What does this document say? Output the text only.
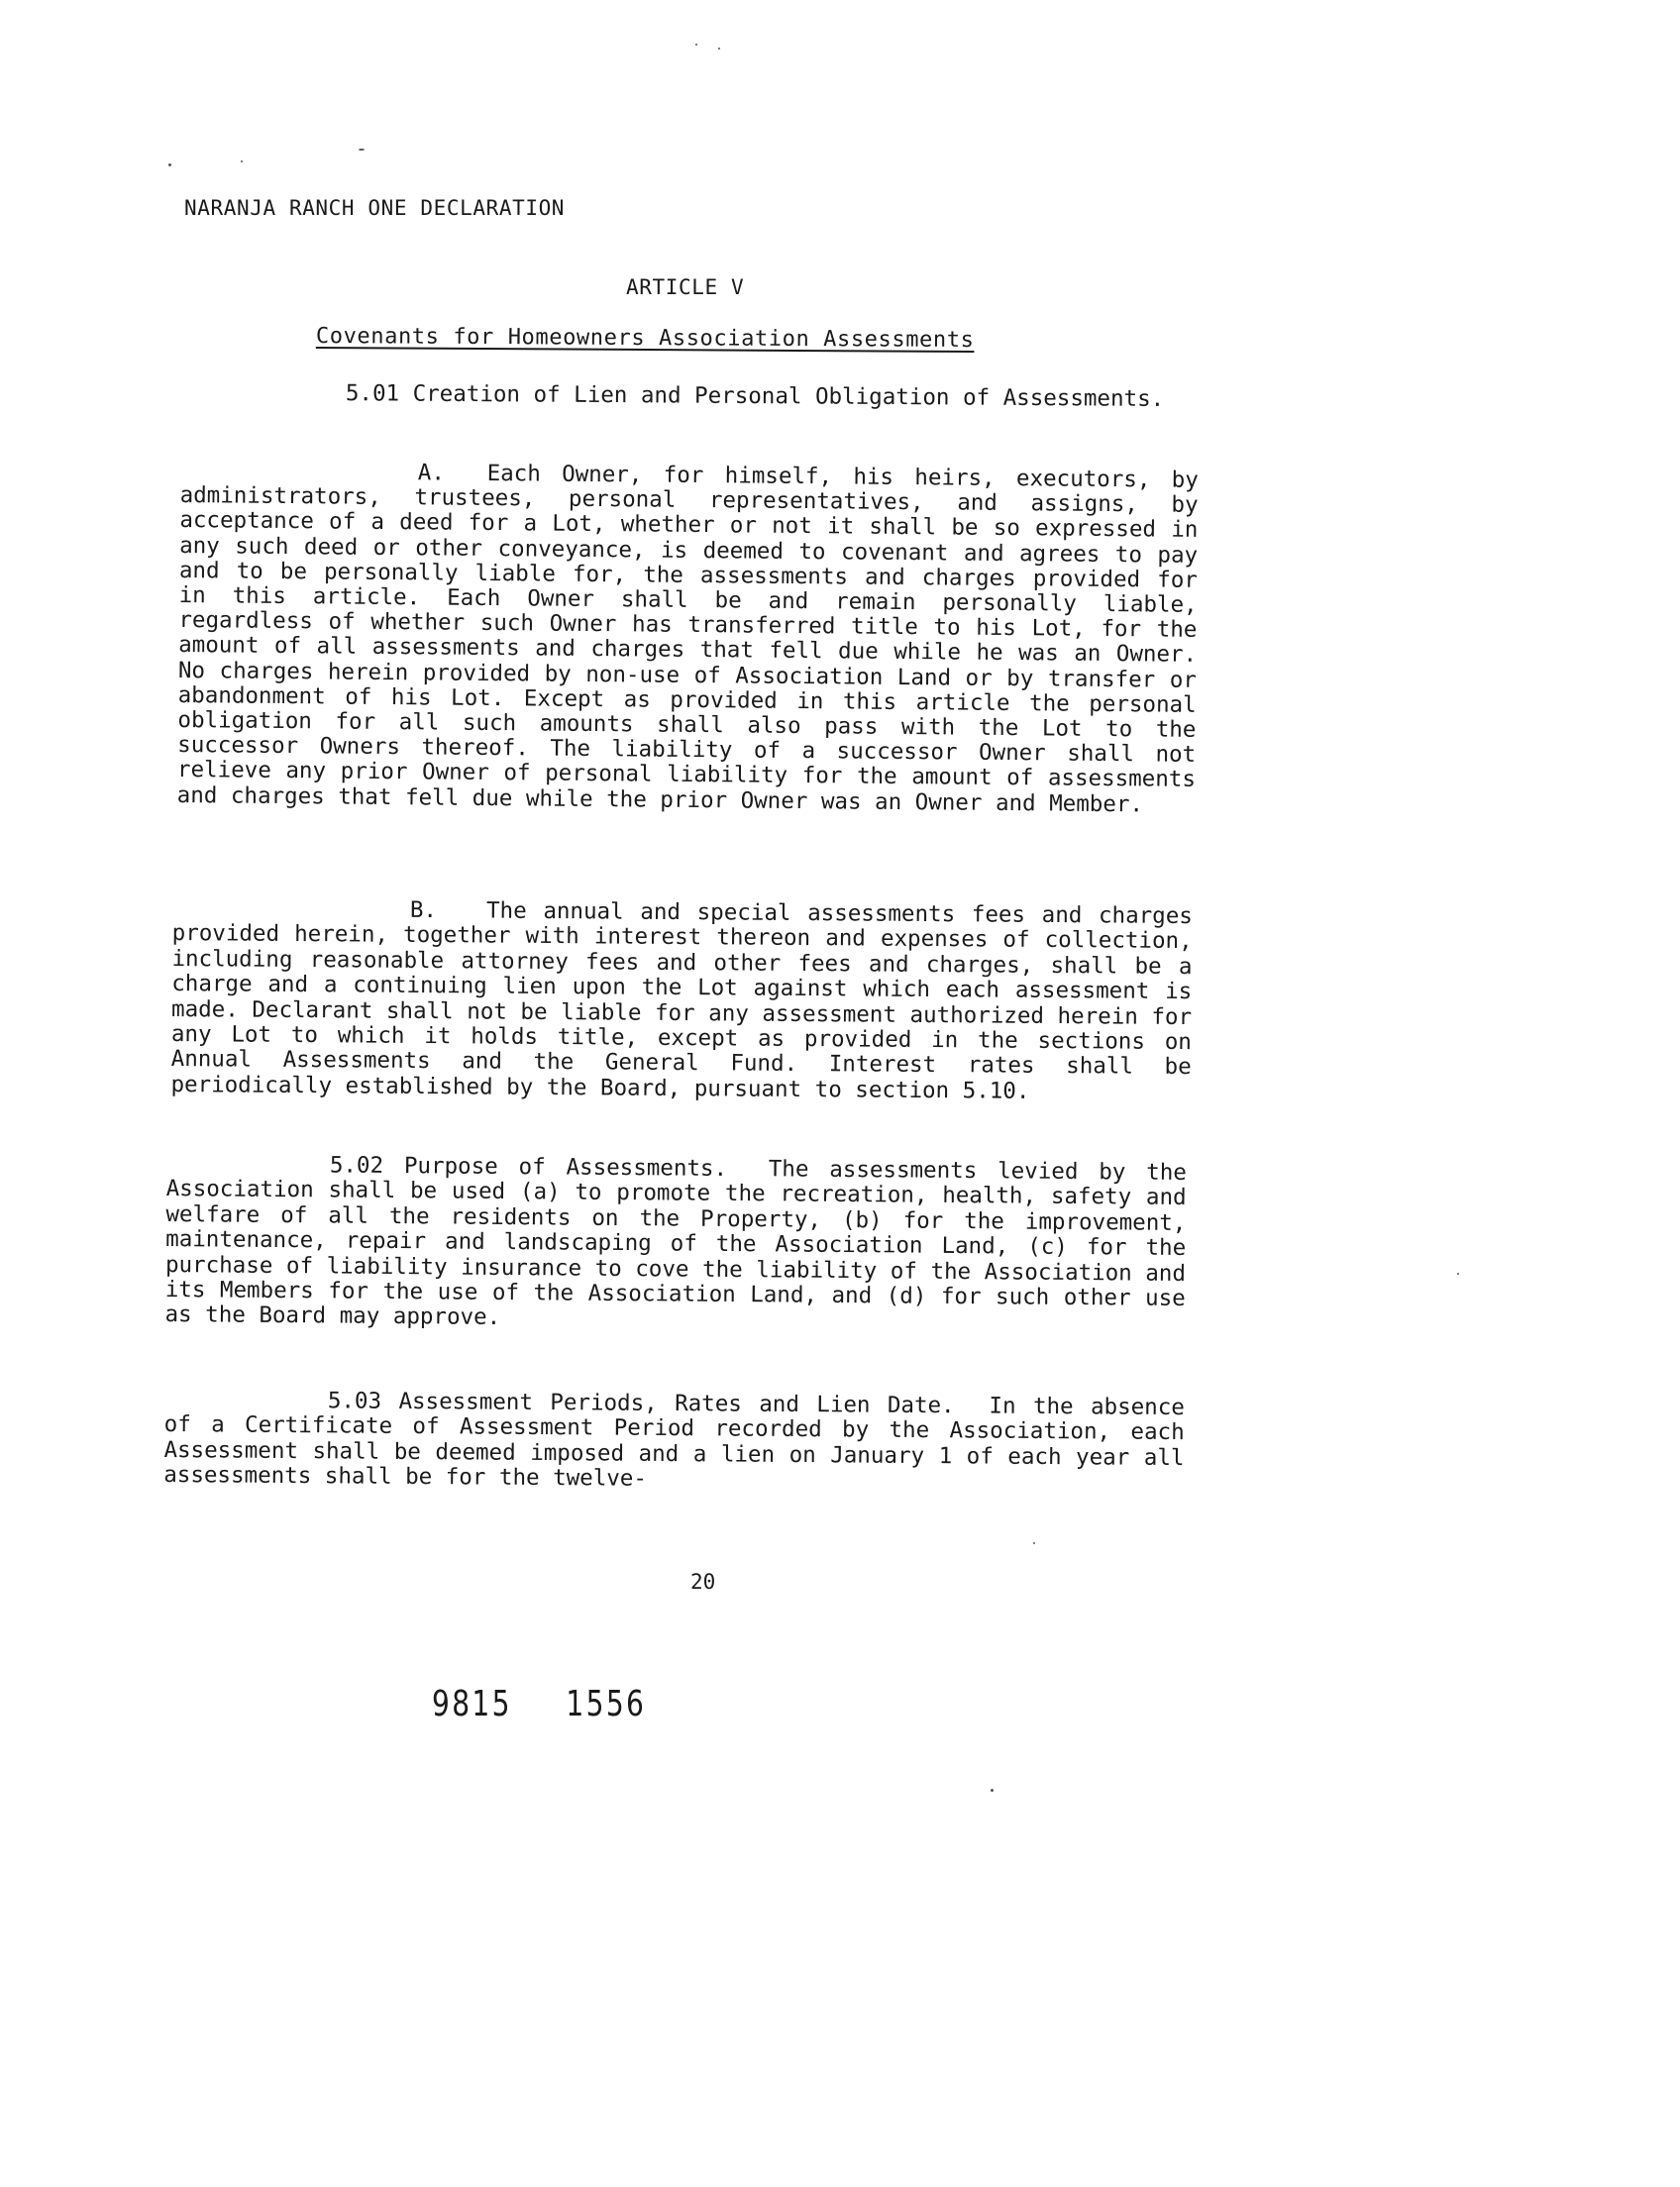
NARANJA RANCH ONE DECLARATION
ARTICLE V
Covenants for Homeowners Association Assessments
5.01 Creation of Lien and Personal Obligation of Assessments.
A. Each Owner, for himself, his heirs, executors, by administrators, trustees, personal representatives, and assigns, by acceptance of a deed for a Lot, whether or not it shall be so expressed in any such deed or other conveyance, is deemed to covenant and agrees to pay and to be personally liable for, the assessments and charges provided for in this article. Each Owner shall be and remain personally liable, regardless of whether such Owner has transferred title to his Lot, for the amount of all assessments and charges that fell due while he was an Owner. No charges herein provided by non-use of Association Land or by transfer or abandonment of his Lot. Except as provided in this article the personal obligation for all such amounts shall also pass with the Lot to the successor Owners thereof. The liability of a successor Owner shall not relieve any prior Owner of personal liability for the amount of assessments and charges that fell due while the prior Owner was an Owner and Member.
B. The annual and special assessments fees and charges provided herein, together with interest thereon and expenses of collection, including reasonable attorney fees and other fees and charges, shall be a charge and a continuing lien upon the Lot against which each assessment is made. Declarant shall not be liable for any assessment authorized herein for any Lot to which it holds title, except as provided in the sections on Annual Assessments and the General Fund. Interest rates shall be periodically established by the Board, pursuant to section 5.10.
5.02 Purpose of Assessments. The assessments levied by the Association shall be used (a) to promote the recreation, health, safety and welfare of all the residents on the Property, (b) for the improvement, maintenance, repair and landscaping of the Association Land, (c) for the purchase of liability insurance to cove the liability of the Association and its Members for the use of the Association Land, and (d) for such other use as the Board may approve.
5.03 Assessment Periods, Rates and Lien Date. In the absence of a Certificate of Assessment Period recorded by the Association, each Assessment shall be deemed imposed and a lien on January 1 of each year all assessments shall be for the twelve-
20
9815 1556
